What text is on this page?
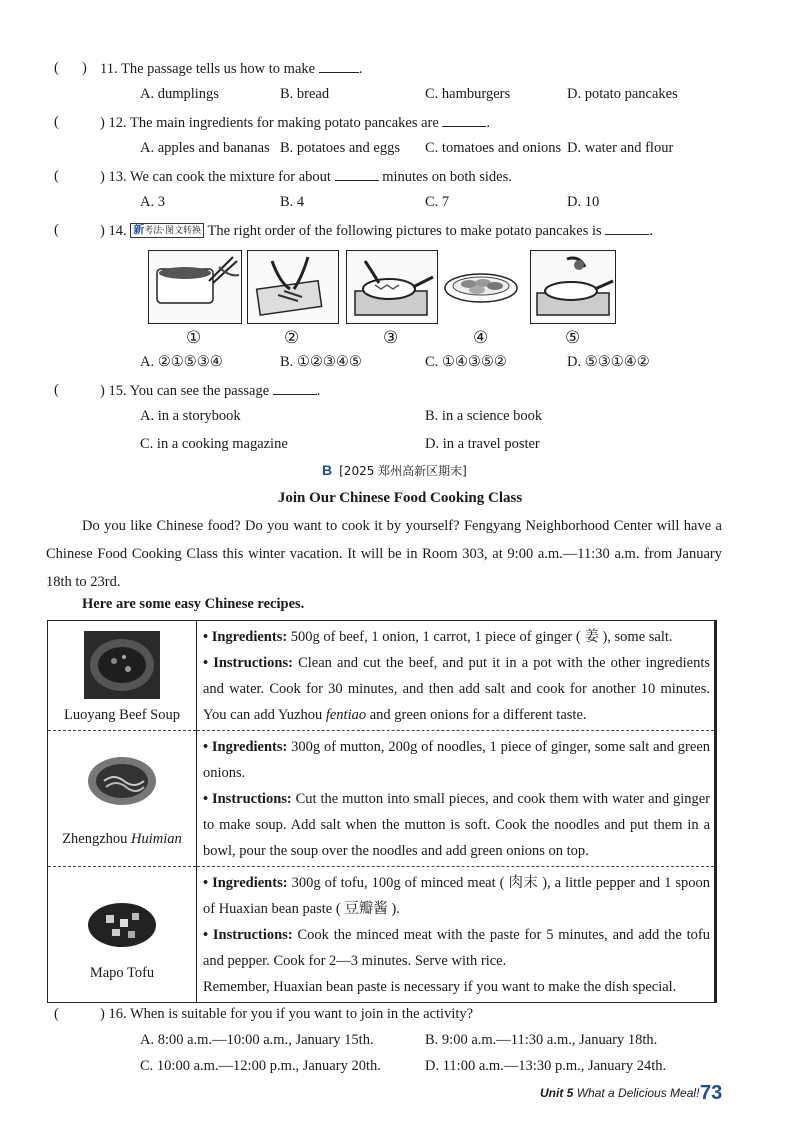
( ) 11. The passage tells us how to make	.
A. dumplings	B. bread	C. hamburgers	D. potato pancakes
(	) 12. The main ingredients for making potato pancakes are	.
A. apples and bananas B. potatoes and eggs C. tomatoes and onions D. water and flour
(	) 13. We can cook the mixture for about	minutes on both sides.
A. 3	B. 4	C. 7	D. 10
(	) 14. 新考法·图文转换 The right order of the following pictures to make potato pancakes is	.
①	②	③	④	⑤
A. ②①⑤③④	B. ①②③④⑤	C. ①④③⑤②	D. ⑤③①④②
(	) 15. You can see the passage	.
A. in a storybook	B. in a science book
C. in a cooking magazine	D. in a travel poster
B [2025 郑州高新区期末]
Join Our Chinese Food Cooking Class
Do you like Chinese food? Do you want to cook it by yourself? Fengyang Neighborhood Center will have a Chinese Food Cooking Class this winter vacation. It will be in Room 303, at 9:00 a.m.—11:30 a.m. from January 18th to 23rd.
Here are some easy Chinese recipes.
Luoyang Beef Soup	• Ingredients: 500g of beef, 1 onion, 1 carrot, 1 piece of ginger ( 姜 ), some salt.
• Instructions: Clean and cut the beef, and put it in a pot with the other ingredients and water. Cook for 30 minutes, and then add salt and cook for another 10 minutes. You can add Yuzhou fentiao and green onions for a different taste.

Zhengzhou Huimian	• Ingredients: 300g of mutton, 200g of noodles, 1 piece of ginger, some salt and green onions.
• Instructions: Cut the mutton into small pieces, and cook them with water and ginger to make soup. Add salt when the mutton is soft. Cook the noodles and put them in a bowl, pour the soup over the noodles and add green onions on top.

Mapo Tofu	• Ingredients: 300g of tofu, 100g of minced meat ( 肉末 ), a little pepper and 1 spoon of Huaxian bean paste ( 豆瓣酱 ).
• Instructions: Cook the minced meat with the paste for 5 minutes, and add the tofu and pepper. Cook for 2—3 minutes. Serve with rice.
Remember, Huaxian bean paste is necessary if you want to make the dish special.
(	) 16. When is suitable for you if you want to join in the activity?
A. 8:00 a.m.—10:00 a.m., January 15th.	B. 9:00 a.m.—11:30 a.m., January 18th.
C. 10:00 a.m.—12:00 p.m., January 20th.	D. 11:00 a.m.—13:30 p.m., January 24th.
Unit 5 What a Delicious Meal! 73
